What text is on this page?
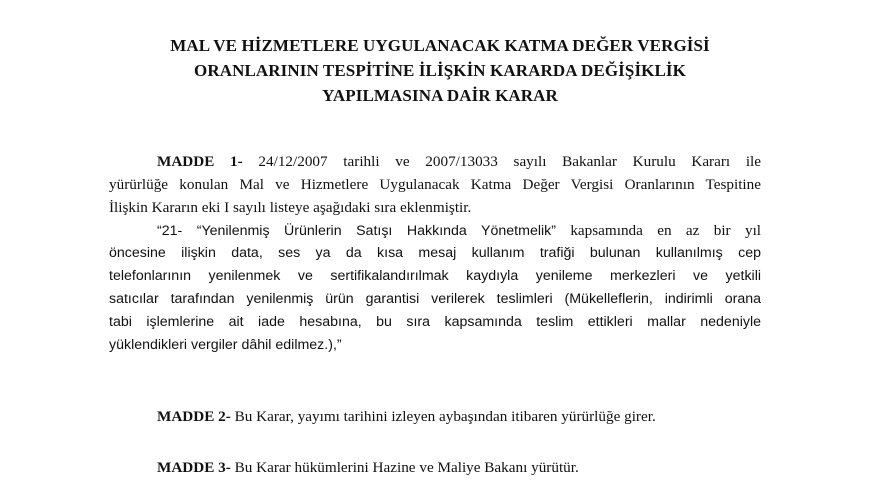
MAL VE HİZMETLERE UYGULANACAK KATMA DEĞER VERGİSİ
ORANLARININ TESPİTİNE İLİŞKİN KARARDA DEĞİŞİKLİK
YAPILMASINA DAİR KARAR
MADDE 1- 24/12/2007 tarihli ve 2007/13033 sayılı Bakanlar Kurulu Kararı ile
yürürlüğe konulan Mal ve Hizmetlere Uygulanacak Katma Değer Vergisi Oranlarının Tespitine
İlişkin Kararın eki I sayılı listeye aşağıdaki sıra eklenmiştir.
“21- “Yenilenmiş Ürünlerin Satışı Hakkında Yönetmelik” kapsamında en az bir yıl
öncesine ilişkin data, ses ya da kısa mesaj kullanım trafiği bulunan kullanılmış cep
telefonlarının yenilenmek ve sertifikalandırılmak kaydıyla yenileme merkezleri ve yetkili
satıcılar tarafından yenilenmiş ürün garantisi verilerek teslimleri (Mükelleflerin, indirimli orana
tabi işlemlerine ait iade hesabına, bu sıra kapsamında teslim ettikleri mallar nedeniyle
yüklendikleri vergiler dâhil edilmez.),”
MADDE 2- Bu Karar, yayımı tarihini izleyen aybaşından itibaren yürürlüğe girer.
MADDE 3- Bu Karar hükümlerini Hazine ve Maliye Bakanı yürütür.
